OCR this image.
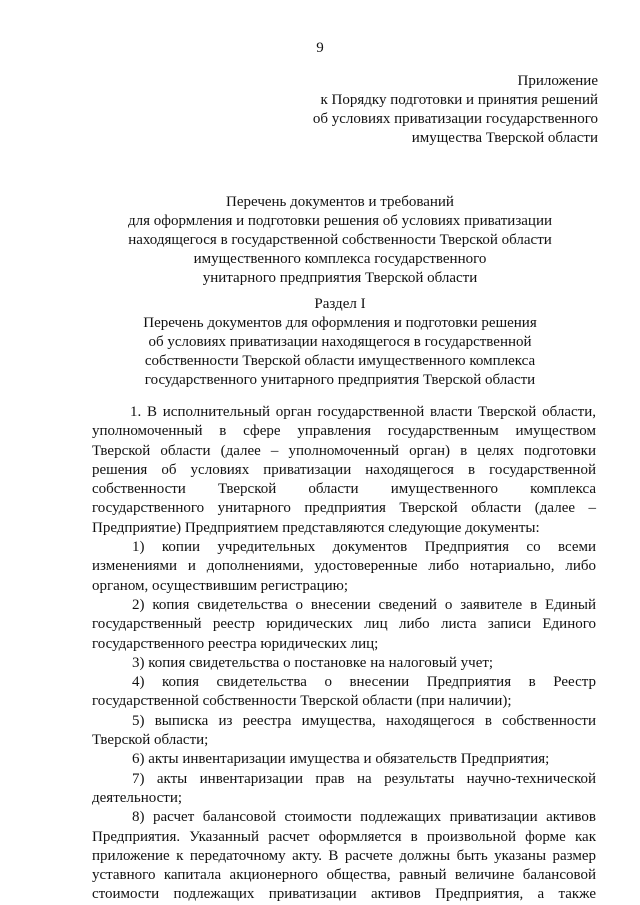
9
Приложение
к Порядку подготовки и принятия решений
об условиях приватизации государственного
имущества Тверской области
Перечень документов и требований
для оформления и подготовки решения об условиях приватизации
находящегося в государственной собственности Тверской области
имущественного комплекса государственного
унитарного предприятия Тверской области
Раздел I
Перечень документов для оформления и подготовки решения
об условиях приватизации находящегося в государственной
собственности Тверской области имущественного комплекса
государственного унитарного предприятия Тверской области
1. В исполнительный орган государственной власти Тверской области,
уполномоченный в сфере управления государственным имуществом
Тверской области (далее – уполномоченный орган) в целях подготовки
решения об условиях приватизации находящегося в государственной
собственности Тверской области имущественного комплекса
государственного унитарного предприятия Тверской области (далее –
Предприятие) Предприятием представляются следующие документы:
1) копии учредительных документов Предприятия со всеми
изменениями и дополнениями, удостоверенные либо нотариально, либо
органом, осуществившим регистрацию;
2) копия свидетельства о внесении сведений о заявителе в Единый
государственный реестр юридических лиц либо листа записи Единого
государственного реестра юридических лиц;
3) копия свидетельства о постановке на налоговый учет;
4) копия свидетельства о внесении Предприятия в Реестр
государственной собственности Тверской области (при наличии);
5) выписка из реестра имущества, находящегося в собственности
Тверской области;
6) акты инвентаризации имущества и обязательств Предприятия;
7) акты инвентаризации прав на результаты научно-технической
деятельности;
8) расчет балансовой стоимости подлежащих приватизации активов
Предприятия. Указанный расчет оформляется в произвольной форме как
приложение к передаточному акту. В расчете должны быть указаны размер
уставного капитала акционерного общества, равный величине балансовой
стоимости подлежащих приватизации активов Предприятия, а также
